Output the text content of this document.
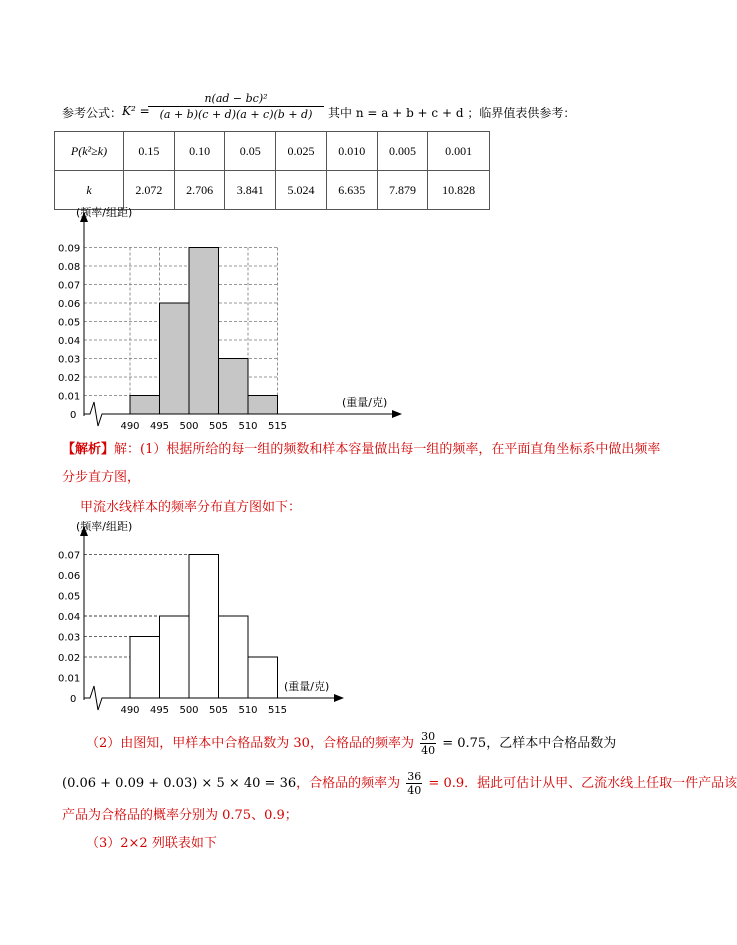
参考公式： K² =
$\frac{\text{n(ad − bc)²}}{(a + b)(c + d)(a + c)(b + d)}$ 其中 n = a + b + c + d ；临界值表供参考：
P(k²≥k)	0.15	0.10	0.05	0.025	0.010	0.005	0.001
k	2.072	2.706	3.841	5.024	6.635	7.879	10.828
0
0.01
0.02
0.03
0.04
0.05
0.06
0.07
0.08
0.09
490 495 500 505 510 515
(频率/组距)
(重量/克)
【解析】解：(1）根据所给的每一组的频数和样本容量做出每一组的频率，在平面直角坐标系中做出频率
分步直方图，
甲流水线样本的频率分布直方图如下：
0
0.01
0.02
0.03
0.04
0.05
0.06
0.07
490 495 500 505 510 515
(频率/组距)
(重量/克)
（2）由图知，甲样本中合格品数为 30，合格品的频率为 $\frac{30}{40} = 0.75$，乙样本中合格品数为
(0.06 + 0.09 + 0.03) × 5 × 40 = 36，合格品的频率为 $\frac{36}{40} = 0.9$．据此可估计从甲、乙流水线上任取一件产品该
产品为合格品的概率分别为 0.75、0.9；
（3）2×2 列联表如下
